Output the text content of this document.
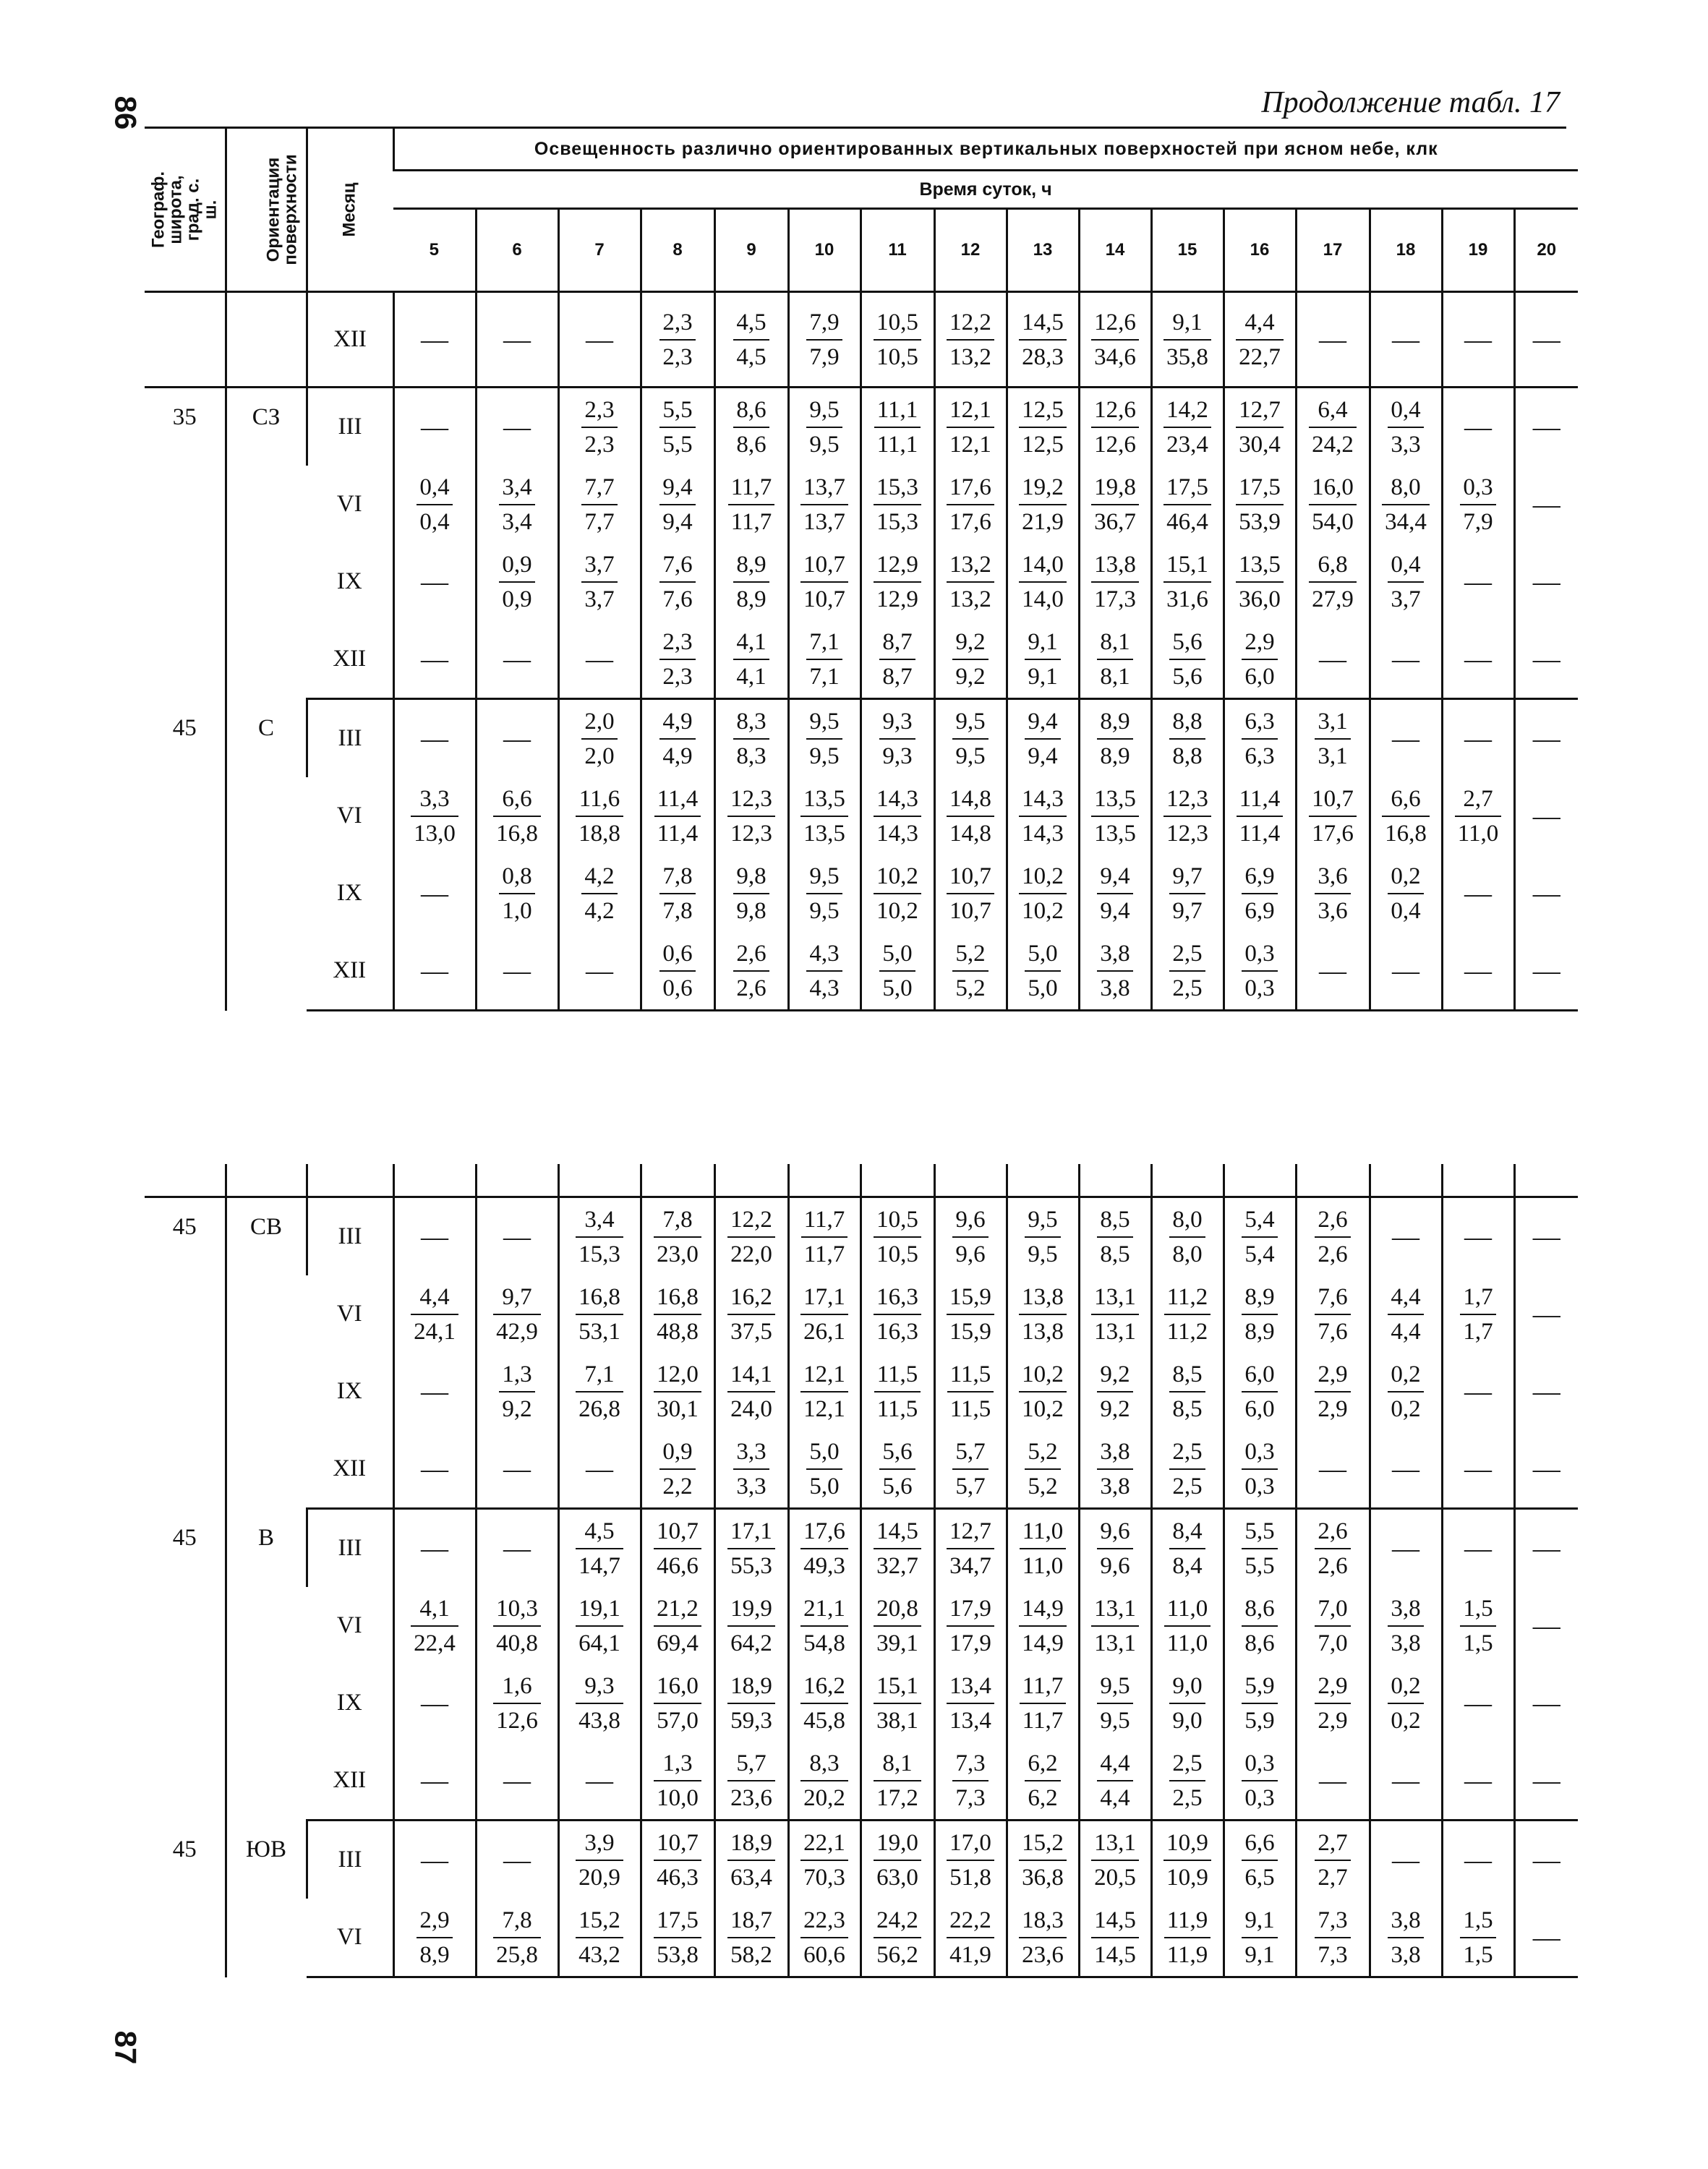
86	Продолжение табл. 17
Географ.
широта,
град. с. ш.	Ориентация
поверхности	Месяц	Освещенность различно ориентированных вертикальных поверхностей при ясном небе, клк															
			Время суток, ч															
			5	6	7	8	9	10	11	12	13	14	15	16	17	18	19	20
		XII	—	—	—	$\frac{2,3}{2,3}$	$\frac{4,5}{4,5}$	$\frac{7,9}{7,9}$	$\frac{10,5}{10,5}$	$\frac{12,2}{13,2}$	$\frac{14,5}{28,3}$	$\frac{12,6}{34,6}$	$\frac{9,1}{35,8}$	$\frac{4,4}{22,7}$	—	—	—	—
35	СЗ	III	—	—	$\frac{2,3}{2,3}$	$\frac{5,5}{5,5}$	$\frac{8,6}{8,6}$	$\frac{9,5}{9,5}$	$\frac{11,1}{11,1}$	$\frac{12,1}{12,1}$	$\frac{12,5}{12,5}$	$\frac{12,6}{12,6}$	$\frac{14,2}{23,4}$	$\frac{12,7}{30,4}$	$\frac{6,4}{24,2}$	$\frac{0,4}{3,3}$	—	—
		VI	$\frac{0,4}{0,4}$	$\frac{3,4}{3,4}$	$\frac{7,7}{7,7}$	$\frac{9,4}{9,4}$	$\frac{11,7}{11,7}$	$\frac{13,7}{13,7}$	$\frac{15,3}{15,3}$	$\frac{17,6}{17,6}$	$\frac{19,2}{21,9}$	$\frac{19,8}{36,7}$	$\frac{17,5}{46,4}$	$\frac{17,5}{53,9}$	$\frac{16,0}{54,0}$	$\frac{8,0}{34,4}$	$\frac{0,3}{7,9}$	—
		IX	—	$\frac{0,9}{0,9}$	$\frac{3,7}{3,7}$	$\frac{7,6}{7,6}$	$\frac{8,9}{8,9}$	$\frac{10,7}{10,7}$	$\frac{12,9}{12,9}$	$\frac{13,2}{13,2}$	$\frac{14,0}{14,0}$	$\frac{13,8}{17,3}$	$\frac{15,1}{31,6}$	$\frac{13,5}{36,0}$	$\frac{6,8}{27,9}$	$\frac{0,4}{3,7}$	—	—
		XII	—	—	—	$\frac{2,3}{2,3}$	$\frac{4,1}{4,1}$	$\frac{7,1}{7,1}$	$\frac{8,7}{8,7}$	$\frac{9,2}{9,2}$	$\frac{9,1}{9,1}$	$\frac{8,1}{8,1}$	$\frac{5,6}{5,6}$	$\frac{2,9}{6,0}$	—	—	—	—
45	С	III	—	—	$\frac{2,0}{2,0}$	$\frac{4,9}{4,9}$	$\frac{8,3}{8,3}$	$\frac{9,5}{9,5}$	$\frac{9,3}{9,3}$	$\frac{9,5}{9,5}$	$\frac{9,4}{9,4}$	$\frac{8,9}{8,9}$	$\frac{8,8}{8,8}$	$\frac{6,3}{6,3}$	$\frac{3,1}{3,1}$	—	—	—
		VI	$\frac{3,3}{13,0}$	$\frac{6,6}{16,8}$	$\frac{11,6}{18,8}$	$\frac{11,4}{11,4}$	$\frac{12,3}{12,3}$	$\frac{13,5}{13,5}$	$\frac{14,3}{14,3}$	$\frac{14,8}{14,8}$	$\frac{14,3}{14,3}$	$\frac{13,5}{13,5}$	$\frac{12,3}{12,3}$	$\frac{11,4}{11,4}$	$\frac{10,7}{17,6}$	$\frac{6,6}{16,8}$	$\frac{2,7}{11,0}$	—
		IX	—	$\frac{0,8}{1,0}$	$\frac{4,2}{4,2}$	$\frac{7,8}{7,8}$	$\frac{9,8}{9,8}$	$\frac{9,5}{9,5}$	$\frac{10,2}{10,2}$	$\frac{10,7}{10,7}$	$\frac{10,2}{10,2}$	$\frac{9,4}{9,4}$	$\frac{9,7}{9,7}$	$\frac{6,9}{6,9}$	$\frac{3,6}{3,6}$	$\frac{0,2}{0,4}$	—	—
		XII	—	—	—	$\frac{0,6}{0,6}$	$\frac{2,6}{2,6}$	$\frac{4,3}{4,3}$	$\frac{5,0}{5,0}$	$\frac{5,2}{5,2}$	$\frac{5,0}{5,0}$	$\frac{3,8}{3,8}$	$\frac{2,5}{2,5}$	$\frac{0,3}{0,3}$	—	—	—	—

45	СВ	III	—	—	$\frac{3,4}{15,3}$	$\frac{7,8}{23,0}$	$\frac{12,2}{22,0}$	$\frac{11,7}{11,7}$	$\frac{10,5}{10,5}$	$\frac{9,6}{9,6}$	$\frac{9,5}{9,5}$	$\frac{8,5}{8,5}$	$\frac{8,0}{8,0}$	$\frac{5,4}{5,4}$	$\frac{2,6}{2,6}$	—	—	—
		VI	$\frac{4,4}{24,1}$	$\frac{9,7}{42,9}$	$\frac{16,8}{53,1}$	$\frac{16,8}{48,8}$	$\frac{16,2}{37,5}$	$\frac{17,1}{26,1}$	$\frac{16,3}{16,3}$	$\frac{15,9}{15,9}$	$\frac{13,8}{13,8}$	$\frac{13,1}{13,1}$	$\frac{11,2}{11,2}$	$\frac{8,9}{8,9}$	$\frac{7,6}{7,6}$	$\frac{4,4}{4,4}$	$\frac{1,7}{1,7}$	—
		IX	—	$\frac{1,3}{9,2}$	$\frac{7,1}{26,8}$	$\frac{12,0}{30,1}$	$\frac{14,1}{24,0}$	$\frac{12,1}{12,1}$	$\frac{11,5}{11,5}$	$\frac{11,5}{11,5}$	$\frac{10,2}{10,2}$	$\frac{9,2}{9,2}$	$\frac{8,5}{8,5}$	$\frac{6,0}{6,0}$	$\frac{2,9}{2,9}$	$\frac{0,2}{0,2}$	—	—
		XII	—	—	—	$\frac{0,9}{2,2}$	$\frac{3,3}{3,3}$	$\frac{5,0}{5,0}$	$\frac{5,6}{5,6}$	$\frac{5,7}{5,7}$	$\frac{5,2}{5,2}$	$\frac{3,8}{3,8}$	$\frac{2,5}{2,5}$	$\frac{0,3}{0,3}$	—	—	—	—
45	В	III	—	—	$\frac{4,5}{14,7}$	$\frac{10,7}{46,6}$	$\frac{17,1}{55,3}$	$\frac{17,6}{49,3}$	$\frac{14,5}{32,7}$	$\frac{12,7}{34,7}$	$\frac{11,0}{11,0}$	$\frac{9,6}{9,6}$	$\frac{8,4}{8,4}$	$\frac{5,5}{5,5}$	$\frac{2,6}{2,6}$	—	—	—
		VI	$\frac{4,1}{22,4}$	$\frac{10,3}{40,8}$	$\frac{19,1}{64,1}$	$\frac{21,2}{69,4}$	$\frac{19,9}{64,2}$	$\frac{21,1}{54,8}$	$\frac{20,8}{39,1}$	$\frac{17,9}{17,9}$	$\frac{14,9}{14,9}$	$\frac{13,1}{13,1}$	$\frac{11,0}{11,0}$	$\frac{8,6}{8,6}$	$\frac{7,0}{7,0}$	$\frac{3,8}{3,8}$	$\frac{1,5}{1,5}$	—
		IX	—	$\frac{1,6}{12,6}$	$\frac{9,3}{43,8}$	$\frac{16,0}{57,0}$	$\frac{18,9}{59,3}$	$\frac{16,2}{45,8}$	$\frac{15,1}{38,1}$	$\frac{13,4}{13,4}$	$\frac{11,7}{11,7}$	$\frac{9,5}{9,5}$	$\frac{9,0}{9,0}$	$\frac{5,9}{5,9}$	$\frac{2,9}{2,9}$	$\frac{0,2}{0,2}$	—	—
		XII	—	—	—	$\frac{1,3}{10,0}$	$\frac{5,7}{23,6}$	$\frac{8,3}{20,2}$	$\frac{8,1}{17,2}$	$\frac{7,3}{7,3}$	$\frac{6,2}{6,2}$	$\frac{4,4}{4,4}$	$\frac{2,5}{2,5}$	$\frac{0,3}{0,3}$	—	—	—	—
45	ЮВ	III	—	—	$\frac{3,9}{20,9}$	$\frac{10,7}{46,3}$	$\frac{18,9}{63,4}$	$\frac{22,1}{70,3}$	$\frac{19,0}{63,0}$	$\frac{17,0}{51,8}$	$\frac{15,2}{36,8}$	$\frac{13,1}{20,5}$	$\frac{10,9}{10,9}$	$\frac{6,6}{6,5}$	$\frac{2,7}{2,7}$	—	—	—
		VI	$\frac{2,9}{8,9}$	$\frac{7,8}{25,8}$	$\frac{15,2}{43,2}$	$\frac{17,5}{53,8}$	$\frac{18,7}{58,2}$	$\frac{22,3}{60,6}$	$\frac{24,2}{56,2}$	$\frac{22,2}{41,9}$	$\frac{18,3}{23,6}$	$\frac{14,5}{14,5}$	$\frac{11,9}{11,9}$	$\frac{9,1}{9,1}$	$\frac{7,3}{7,3}$	$\frac{3,8}{3,8}$	$\frac{1,5}{1,5}$	—
87
